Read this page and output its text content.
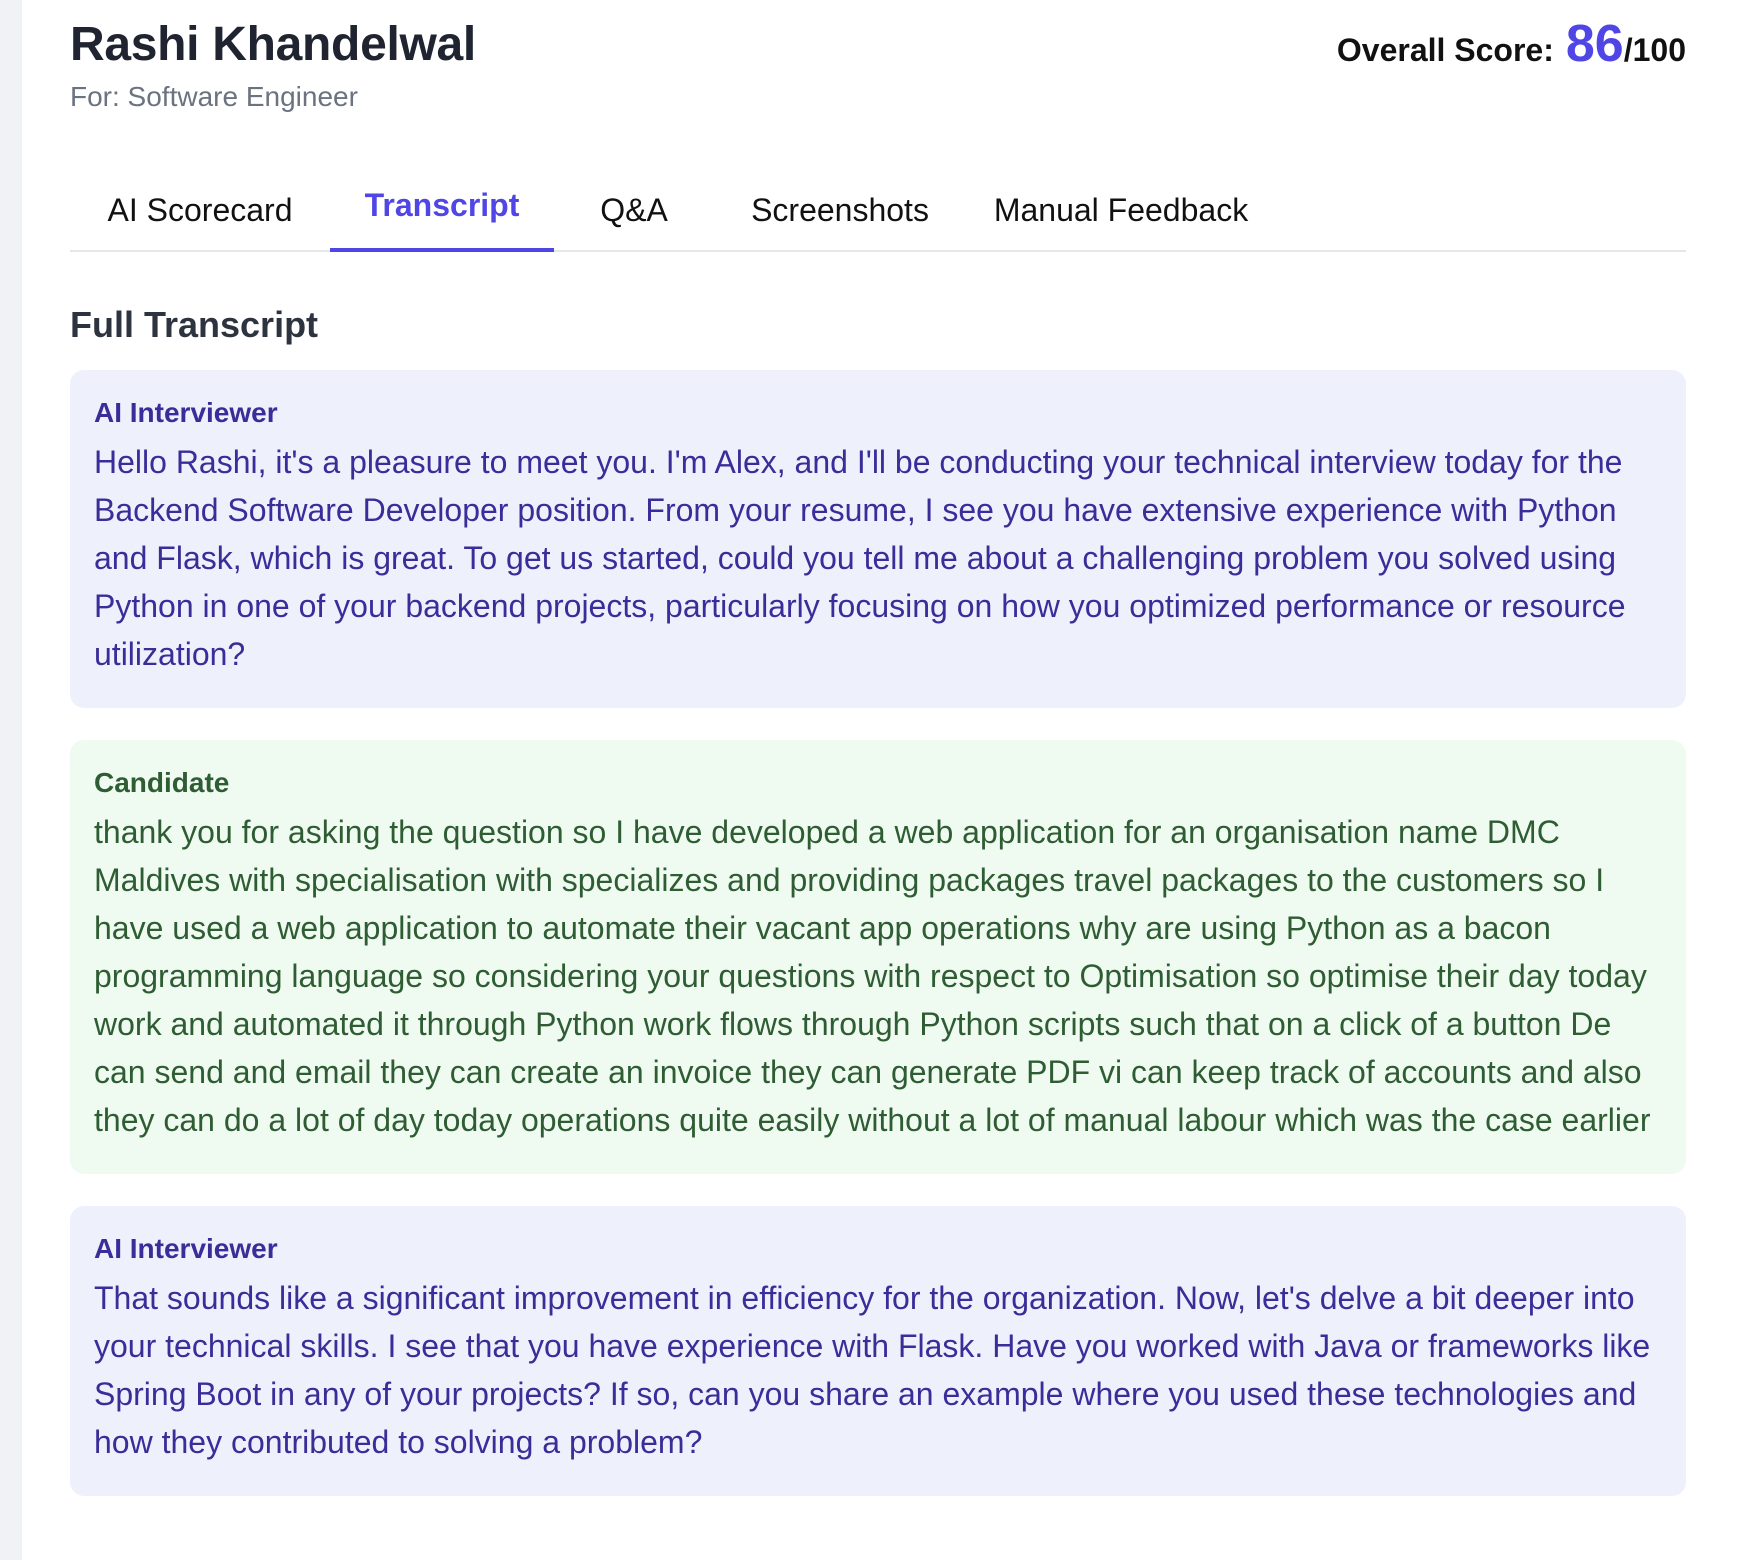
Rashi Khandelwal
For: Software Engineer
Overall Score: 86 /100
AI Scorecard	Transcript	Q&A	Screenshots	Manual Feedback
Full Transcript
AI Interviewer

Hello Rashi, it's a pleasure to meet you. I'm Alex, and I'll be conducting your technical interview today for the Backend Software Developer position. From your resume, I see you have extensive experience with Python and Flask, which is great. To get us started, could you tell me about a challenging problem you solved using Python in one of your backend projects, particularly focusing on how you optimized performance or resource utilization?

Candidate

thank you for asking the question so I have developed a web application for an organisation name DMC Maldives with specialisation with specializes and providing packages travel packages to the customers so I have used a web application to automate their vacant app operations why are using Python as a bacon programming language so considering your questions with respect to Optimisation so optimise their day today work and automated it through Python work flows through Python scripts such that on a click of a button De can send and email they can create an invoice they can generate PDF vi can keep track of accounts and also they can do a lot of day today operations quite easily without a lot of manual labour which was the case earlier

AI Interviewer

That sounds like a significant improvement in efficiency for the organization. Now, let's delve a bit deeper into your technical skills. I see that you have experience with Flask. Have you worked with Java or frameworks like Spring Boot in any of your projects? If so, can you share an example where you used these technologies and how they contributed to solving a problem?
